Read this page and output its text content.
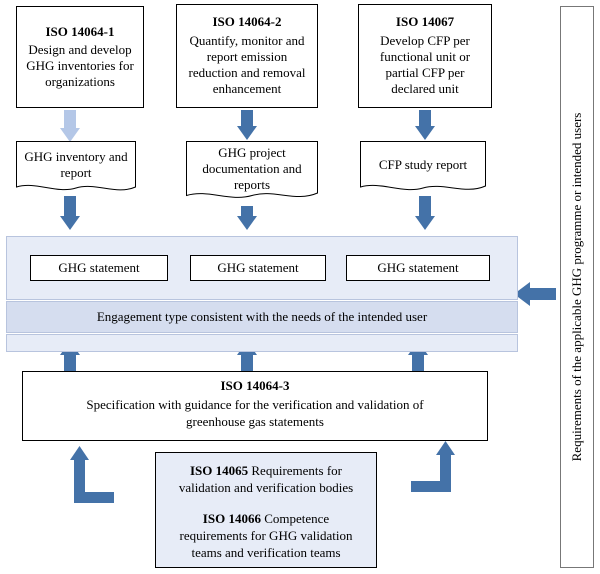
ISO 14064-1
Design and develop GHG inventories for organizations
ISO 14064-2
Quantify, monitor and report emission reduction and removal enhancement
ISO 14067
Develop CFP per functional unit or partial CFP per declared unit
GHG inventory and report
GHG project documentation and reports
CFP study report
GHG statement	GHG statement	GHG statement
Engagement type consistent with the needs of the intended user
ISO 14064-3
Specification with guidance for the verification and validation of
greenhouse gas statements

ISO 14065 Requirements for validation and verification bodies

ISO 14066 Competence requirements for GHG validation teams and verification teams

Requirements of the applicable GHG programme or intended users
